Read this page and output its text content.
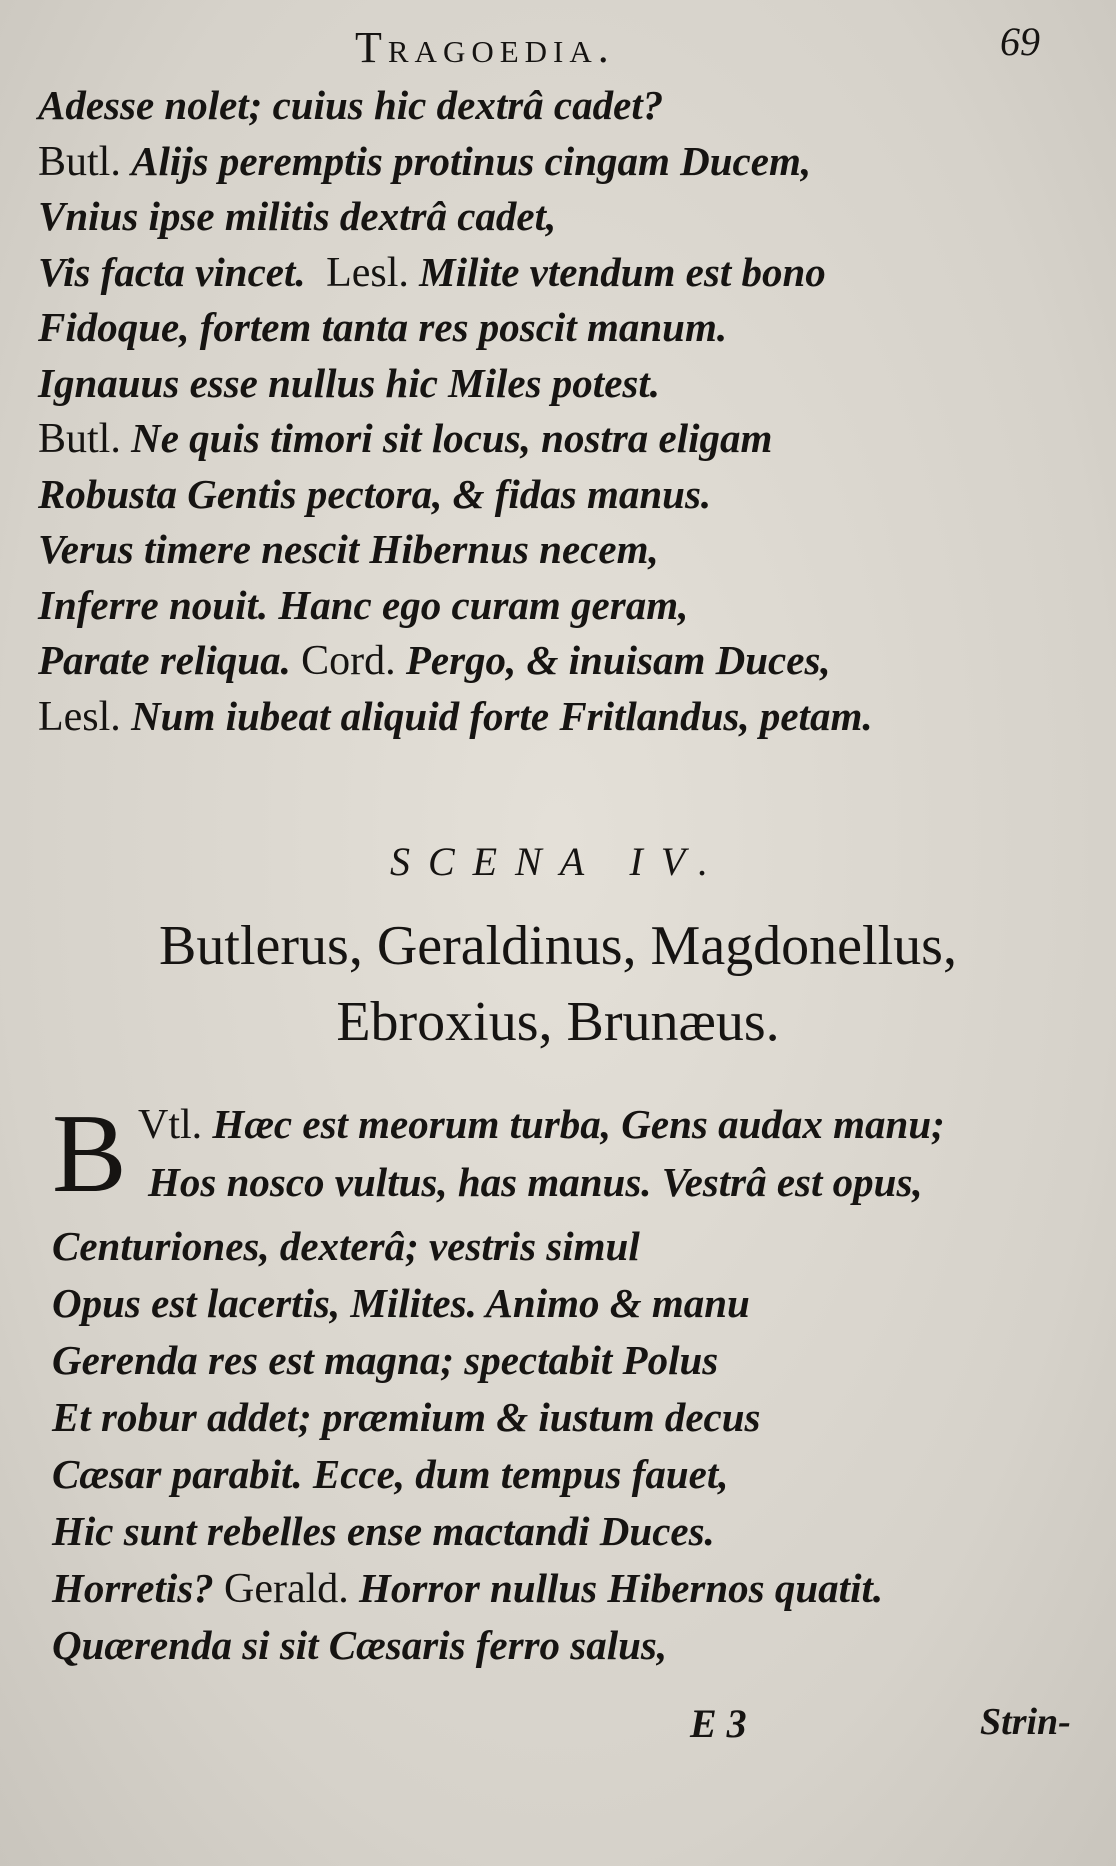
Tragoedia.	69
Adesse nolet; cuius hic dextrâ cadet?
Butl. Alijs peremptis protinus cingam Ducem,
Vnius ipse militis dextrâ cadet,
Vis facta vincet. Lesl. Milite vtendum est bono
Fidoque, fortem tanta res poscit manum.
Ignauus esse nullus hic Miles potest.
Butl. Ne quis timori sit locus, nostra eligam
Robusta Gentis pectora, & fidas manus.
Verus timere nescit Hibernus necem,
Inferre nouit. Hanc ego curam geram,
Parate reliqua. Cord. Pergo, & inuisam Duces,
Lesl. Num iubeat aliquid forte Fritlandus, petam.
SCENA IV.
Butlerus, Geraldinus, Magdonellus,
Ebroxius, Brunæus.
B Vtl. Hæc est meorum turba, Gens audax manu;
Hos nosco vultus, has manus. Vestrâ est opus,
Centuriones, dexterâ; vestris simul
Opus est lacertis, Milites. Animo & manu
Gerenda res est magna; spectabit Polus
Et robur addet; præmium & iustum decus
Cæsar parabit. Ecce, dum tempus fauet,
Hic sunt rebelles ense mactandi Duces.
Horretis? Gerald. Horror nullus Hibernos quatit.
Quærenda si sit Cæsaris ferro salus,
E 3	Strin-
